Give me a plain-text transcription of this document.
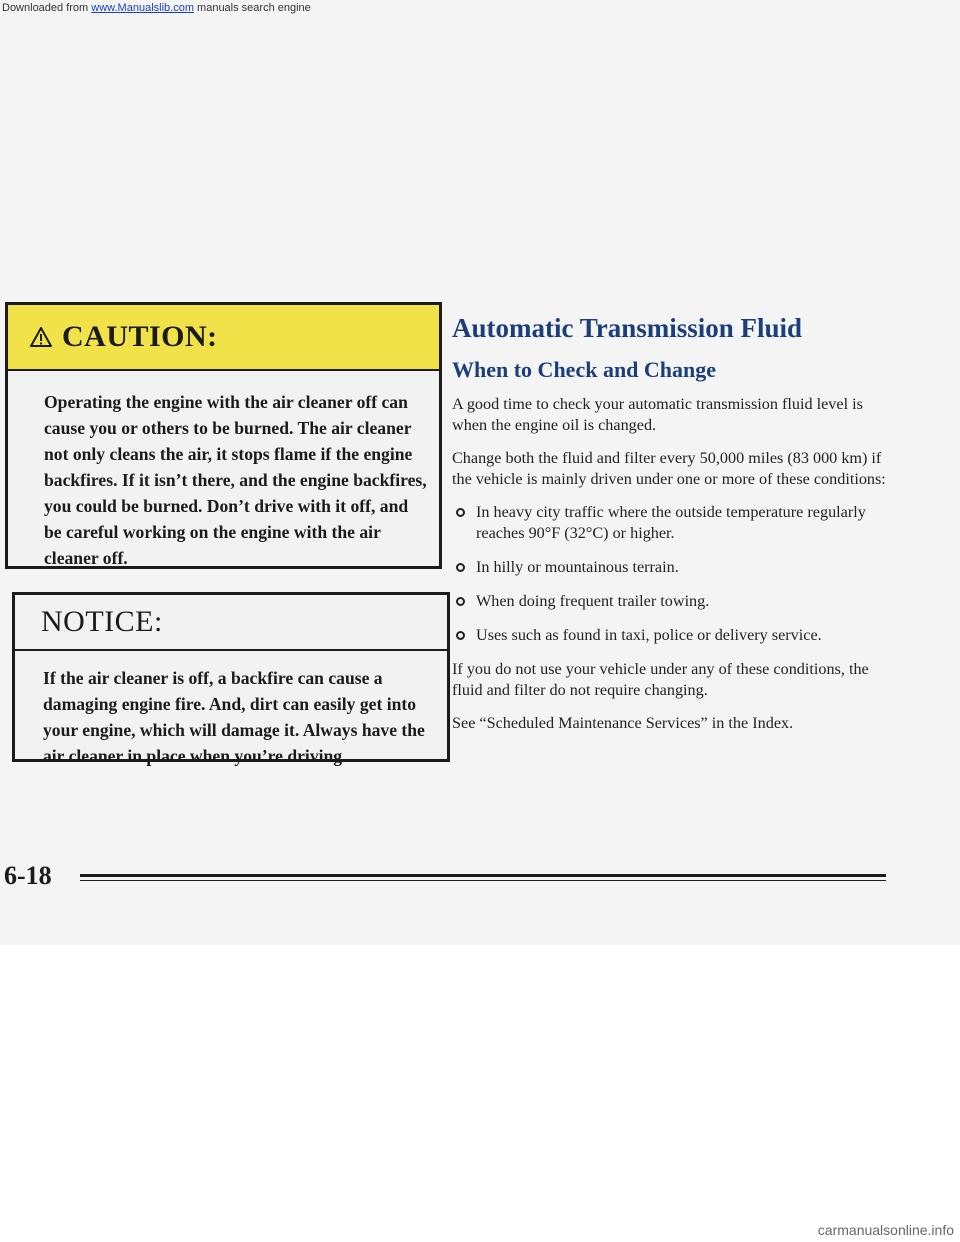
CAUTION:
Operating the engine with the air cleaner off can cause you or others to be burned. The air cleaner not only cleans the air, it stops flame if the engine backfires. If it isn’t there, and the engine backfires, you could be burned. Don’t drive with it off, and be careful working on the engine with the air cleaner off.
NOTICE:
If the air cleaner is off, a backfire can cause a damaging engine fire. And, dirt can easily get into your engine, which will damage it. Always have the air cleaner in place when you’re driving.
Automatic Transmission Fluid
When to Check and Change

A good time to check your automatic transmission fluid level is when the engine oil is changed.

Change both the fluid and filter every 50,000 miles (83 000 km) if the vehicle is mainly driven under one or more of these conditions:

In heavy city traffic where the outside temperature regularly reaches 90°F (32°C) or higher.
In hilly or mountainous terrain.
When doing frequent trailer towing.
Uses such as found in taxi, police or delivery service.

If you do not use your vehicle under any of these conditions, the fluid and filter do not require changing.

See “Scheduled Maintenance Services” in the Index.

6-18
Downloaded from www.Manualslib.com manuals search engine
carmanualsonline.info
